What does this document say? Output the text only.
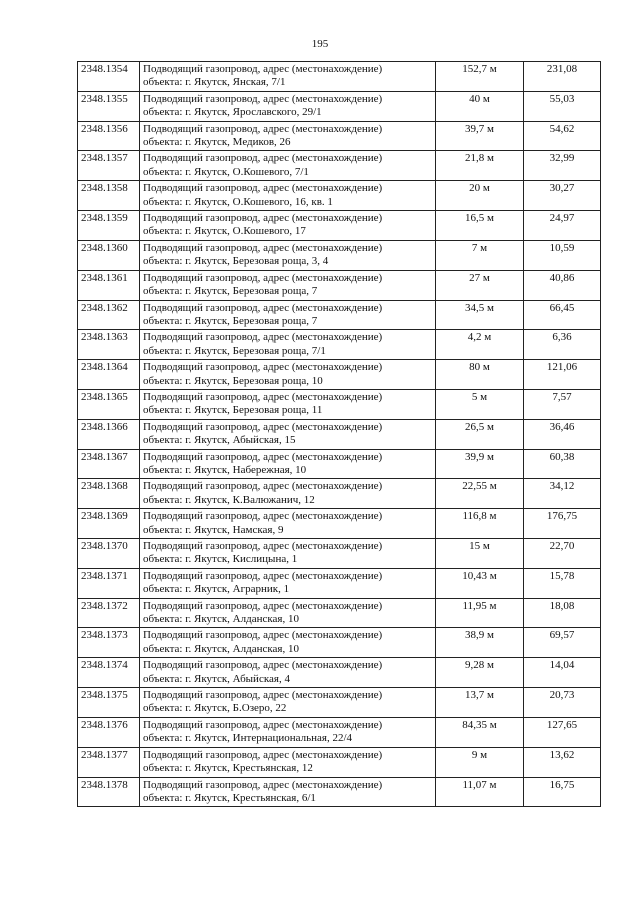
195
2348.1354	Подводящий газопровод, адрес (местонахождение)
объекта: г. Якутск, Янская, 7/1	152,7 м	231,08
2348.1355	Подводящий газопровод, адрес (местонахождение)
объекта: г. Якутск, Ярославского, 29/1	40 м	55,03
2348.1356	Подводящий газопровод, адрес (местонахождение)
объекта: г. Якутск, Медиков, 26	39,7 м	54,62
2348.1357	Подводящий газопровод, адрес (местонахождение)
объекта: г. Якутск, О.Кошевого, 7/1	21,8 м	32,99
2348.1358	Подводящий газопровод, адрес (местонахождение)
объекта: г. Якутск, О.Кошевого, 16, кв. 1	20 м	30,27
2348.1359	Подводящий газопровод, адрес (местонахождение)
объекта: г. Якутск, О.Кошевого, 17	16,5 м	24,97
2348.1360	Подводящий газопровод, адрес (местонахождение)
объекта: г. Якутск, Березовая роща, 3, 4	7 м	10,59
2348.1361	Подводящий газопровод, адрес (местонахождение)
объекта: г. Якутск, Березовая роща, 7	27 м	40,86
2348.1362	Подводящий газопровод, адрес (местонахождение)
объекта: г. Якутск, Березовая роща, 7	34,5 м	66,45
2348.1363	Подводящий газопровод, адрес (местонахождение)
объекта: г. Якутск, Березовая роща, 7/1	4,2 м	6,36
2348.1364	Подводящий газопровод, адрес (местонахождение)
объекта: г. Якутск, Березовая роща, 10	80 м	121,06
2348.1365	Подводящий газопровод, адрес (местонахождение)
объекта: г. Якутск, Березовая роща, 11	5 м	7,57
2348.1366	Подводящий газопровод, адрес (местонахождение)
объекта: г. Якутск, Абыйская, 15	26,5 м	36,46
2348.1367	Подводящий газопровод, адрес (местонахождение)
объекта: г. Якутск, Набережная, 10	39,9 м	60,38
2348.1368	Подводящий газопровод, адрес (местонахождение)
объекта: г. Якутск, К.Валюжанич, 12	22,55 м	34,12
2348.1369	Подводящий газопровод, адрес (местонахождение)
объекта: г. Якутск, Намская, 9	116,8 м	176,75
2348.1370	Подводящий газопровод, адрес (местонахождение)
объекта: г. Якутск, Кислицына, 1	15 м	22,70
2348.1371	Подводящий газопровод, адрес (местонахождение)
объекта: г. Якутск, Аграрник, 1	10,43 м	15,78
2348.1372	Подводящий газопровод, адрес (местонахождение)
объекта: г. Якутск, Алданская, 10	11,95 м	18,08
2348.1373	Подводящий газопровод, адрес (местонахождение)
объекта: г. Якутск, Алданская, 10	38,9 м	69,57
2348.1374	Подводящий газопровод, адрес (местонахождение)
объекта: г. Якутск, Абыйская, 4	9,28 м	14,04
2348.1375	Подводящий газопровод, адрес (местонахождение)
объекта: г. Якутск, Б.Озеро, 22	13,7 м	20,73
2348.1376	Подводящий газопровод, адрес (местонахождение)
объекта: г. Якутск, Интернациональная, 22/4	84,35 м	127,65
2348.1377	Подводящий газопровод, адрес (местонахождение)
объекта: г. Якутск, Крестьянская, 12	9 м	13,62
2348.1378	Подводящий газопровод, адрес (местонахождение)
объекта: г. Якутск, Крестьянская, 6/1	11,07 м	16,75
